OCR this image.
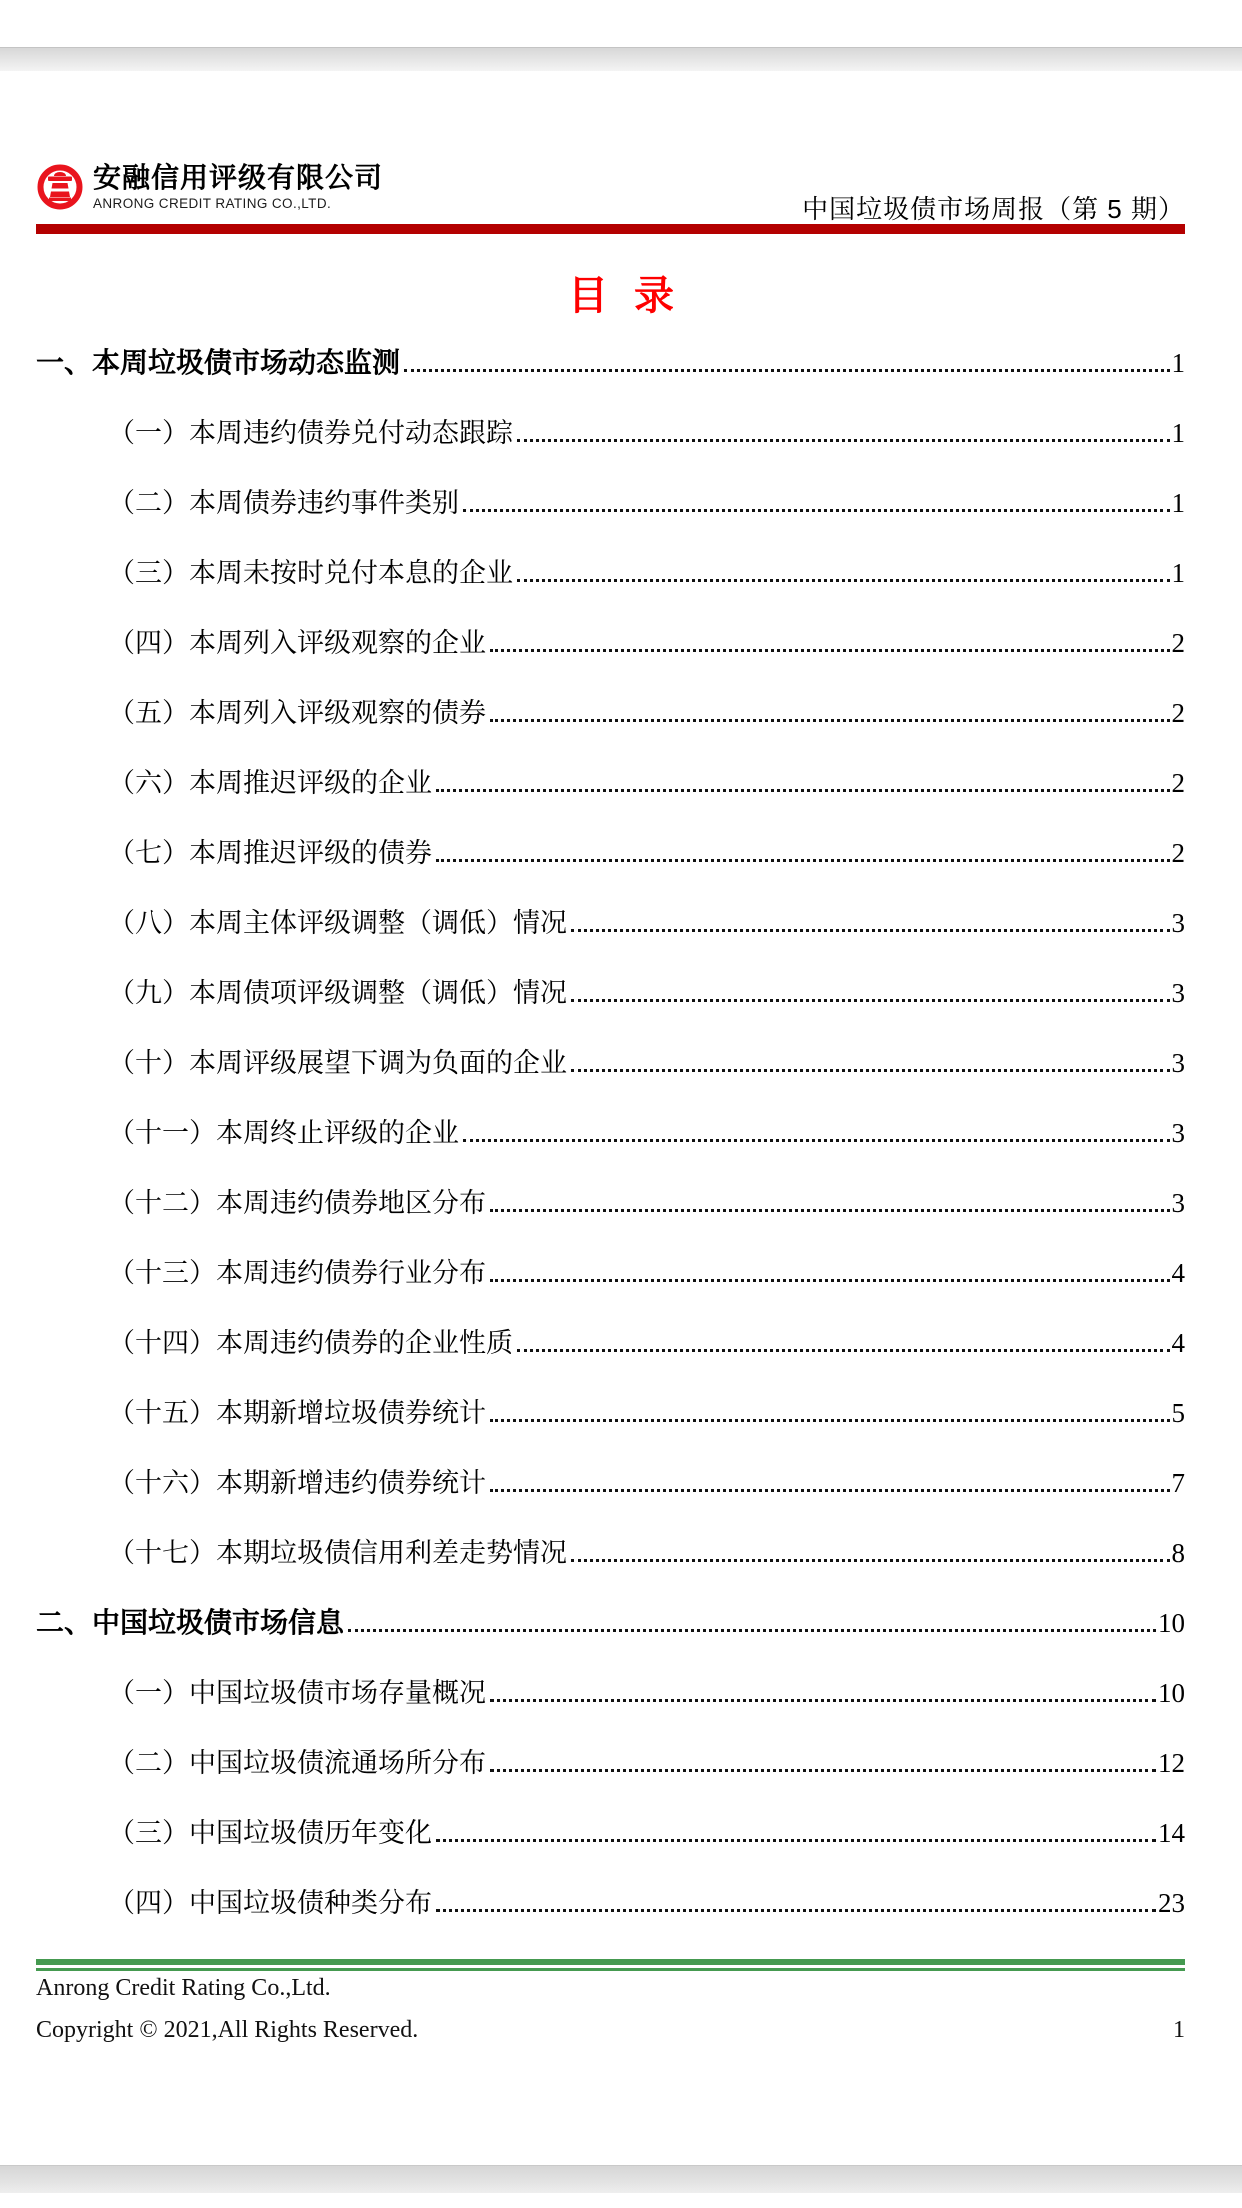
安融信用评级有限公司
ANRONG CREDIT RATING CO.,LTD.	中国垃圾债市场周报（第 5 期）
目 录
一、本周垃圾债市场动态监测	1
（一）本周违约债券兑付动态跟踪	1
（二）本周债券违约事件类别	1
（三）本周未按时兑付本息的企业	1
（四）本周列入评级观察的企业	2
（五）本周列入评级观察的债券	2
（六）本周推迟评级的企业	2
（七）本周推迟评级的债券	2
（八）本周主体评级调整（调低）情况	3
（九）本周债项评级调整（调低）情况	3
（十）本周评级展望下调为负面的企业	3
（十一）本周终止评级的企业	3
（十二）本周违约债券地区分布	3
（十三）本周违约债券行业分布	4
（十四）本周违约债券的企业性质	4
（十五）本期新增垃圾债券统计	5
（十六）本期新增违约债券统计	7
（十七）本期垃圾债信用利差走势情况	8
二、中国垃圾债市场信息	10
（一）中国垃圾债市场存量概况	10
（二）中国垃圾债流通场所分布	12
（三）中国垃圾债历年变化	14
（四）中国垃圾债种类分布	23
Anrong Credit Rating Co.,Ltd.
Copyright © 2021,All Rights Reserved.	1
